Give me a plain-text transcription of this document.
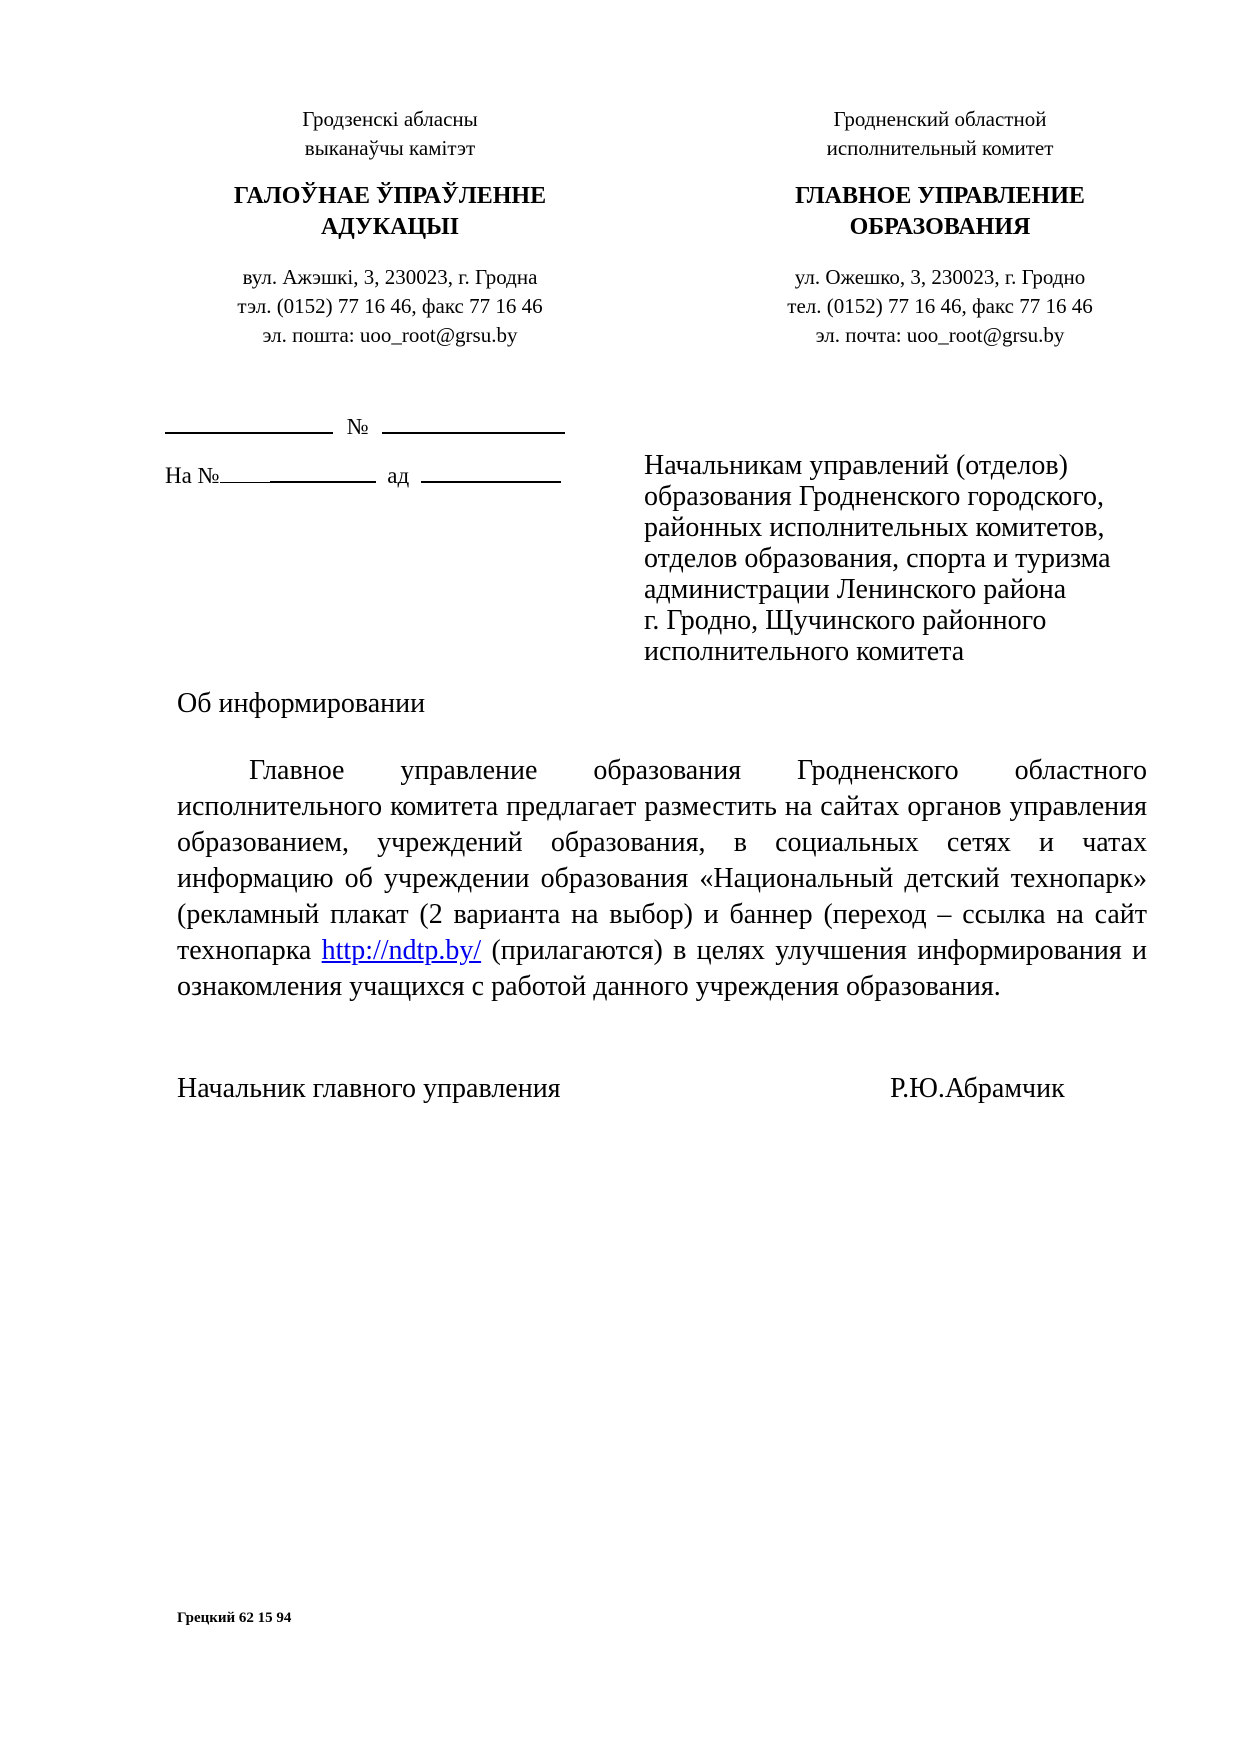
Гродзенскі абласны
выканаўчы камітэт
ГАЛОЎНАЕ ЎПРАЎЛЕННЕ
АДУКАЦЫІ
вул. Ажэшкі, 3, 230023, г. Гродна
тэл. (0152) 77 16 46, факс 77 16 46
эл. пошта: uoo_root@grsu.by
Гродненский областной
исполнительный комитет
ГЛАВНОЕ УПРАВЛЕНИЕ
ОБРАЗОВАНИЯ
ул. Ожешко, 3, 230023, г. Гродно
тел. (0152) 77 16 46, факс 77 16 46
эл. почта: uoo_root@grsu.by
№
На №	ад	Начальникам управлений (отделов)
образования Гродненского городского,
районных исполнительных комитетов,
отделов образования, спорта и туризма
администрации Ленинского района
г. Гродно, Щучинского районного
исполнительного комитета
Об информировании
Главное управление образования Гродненского областного исполнительного комитета предлагает разместить на сайтах органов управления образованием, учреждений образования, в социальных сетях и чатах информацию об учреждении образования «Национальный детский технопарк» (рекламный плакат (2 варианта на выбор) и баннер (переход – ссылка на сайт технопарка http://ndtp.by/ (прилагаются) в целях улучшения информирования и ознакомления учащихся с работой данного учреждения образования.
Начальник главного управления	Р.Ю.Абрамчик
Грецкий 62 15 94
